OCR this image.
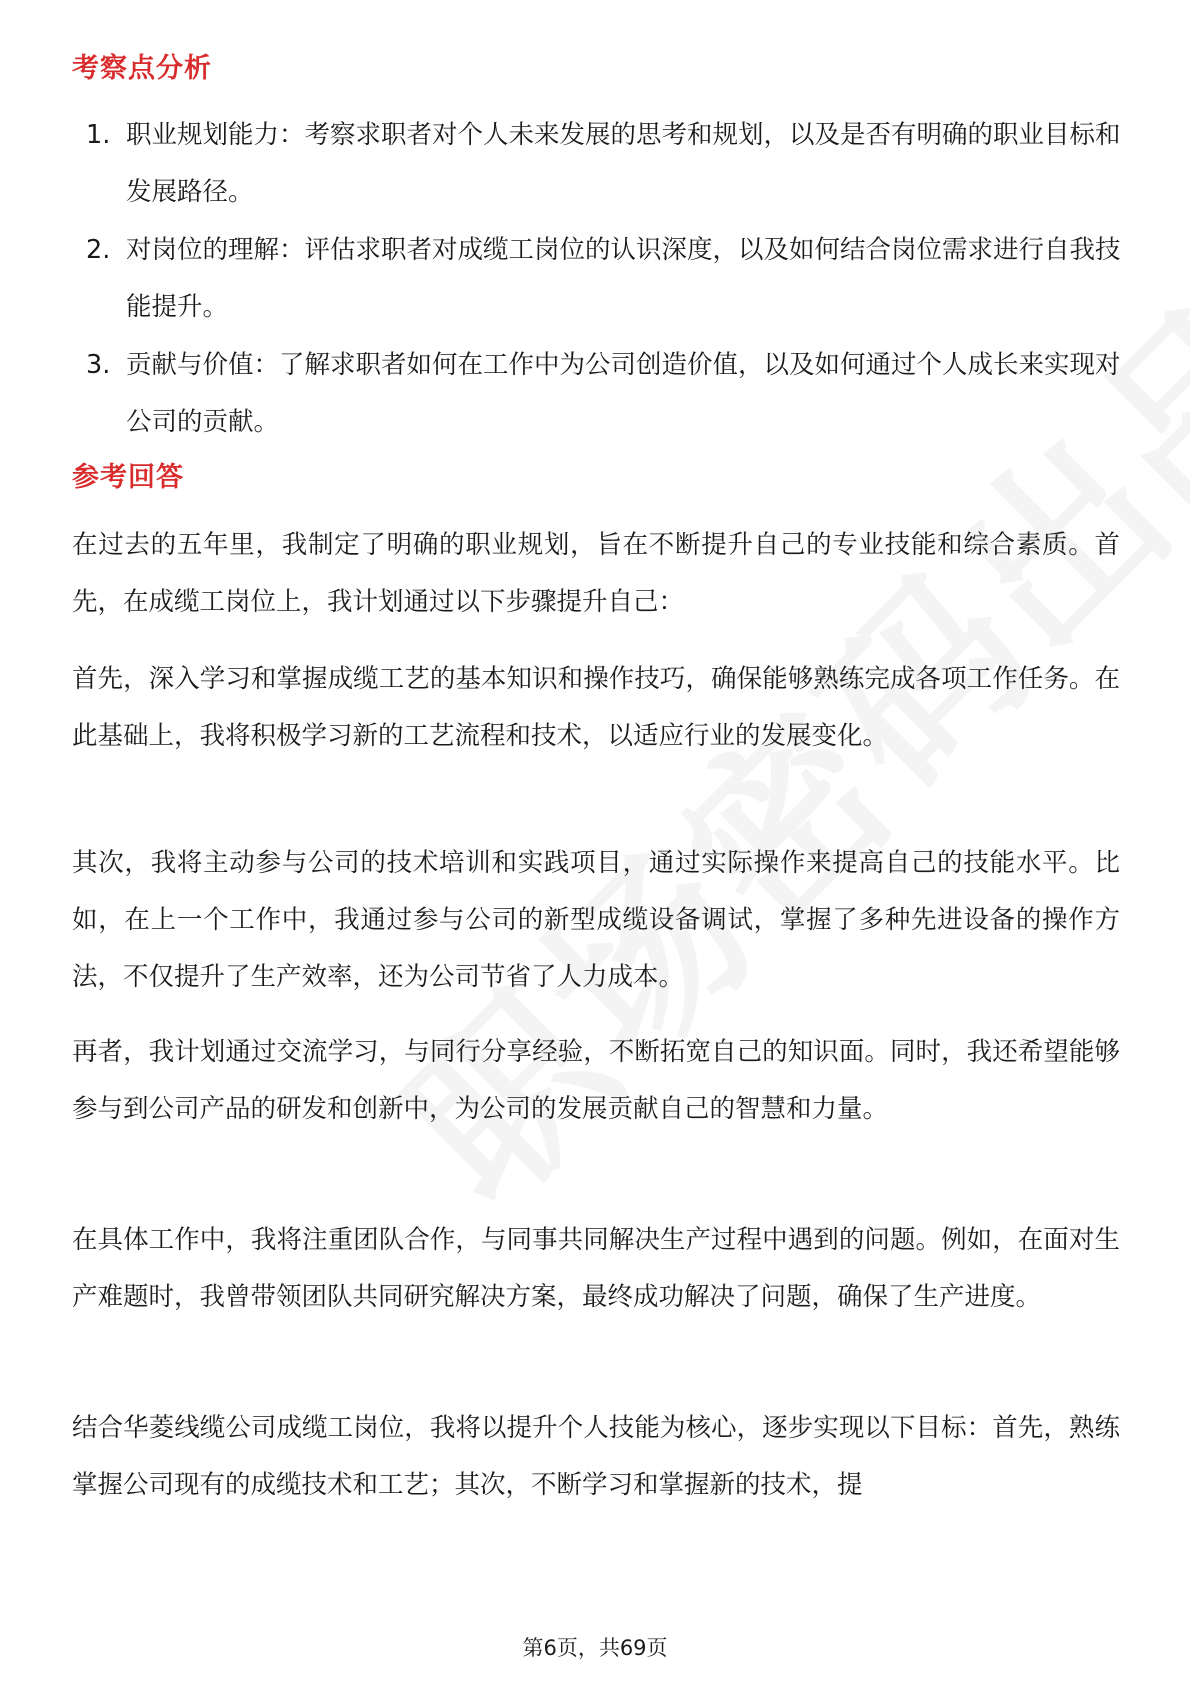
考察点分析
1. 职业规划能力：考察求职者对个人未来发展的思考和规划，以及是否有明确的职业目标和发展路径。
2. 对岗位的理解：评估求职者对成缆工岗位的认识深度，以及如何结合岗位需求进行自我技能提升。
3. 贡献与价值：了解求职者如何在工作中为公司创造价值，以及如何通过个人成长来实现对公司的贡献。
参考回答

在过去的五年里，我制定了明确的职业规划，旨在不断提升自己的专业技能和综合素质。首先，在成缆工岗位上，我计划通过以下步骤提升自己：

首先，深入学习和掌握成缆工艺的基本知识和操作技巧，确保能够熟练完成各项工作任务。在此基础上，我将积极学习新的工艺流程和技术，以适应行业的发展变化。

其次，我将主动参与公司的技术培训和实践项目，通过实际操作来提高自己的技能水平。比如，在上一个工作中，我通过参与公司的新型成缆设备调试，掌握了多种先进设备的操作方法，不仅提升了生产效率，还为公司节省了人力成本。

再者，我计划通过交流学习，与同行分享经验，不断拓宽自己的知识面。同时，我还希望能够参与到公司产品的研发和创新中，为公司的发展贡献自己的智慧和力量。

在具体工作中，我将注重团队合作，与同事共同解决生产过程中遇到的问题。例如，在面对生产难题时，我曾带领团队共同研究解决方案，最终成功解决了问题，确保了生产进度。

结合华菱线缆公司成缆工岗位，我将以提升个人技能为核心，逐步实现以下目标：首先，熟练掌握公司现有的成缆技术和工艺；其次，不断学习和掌握新的技术，提

第6页，共69页
